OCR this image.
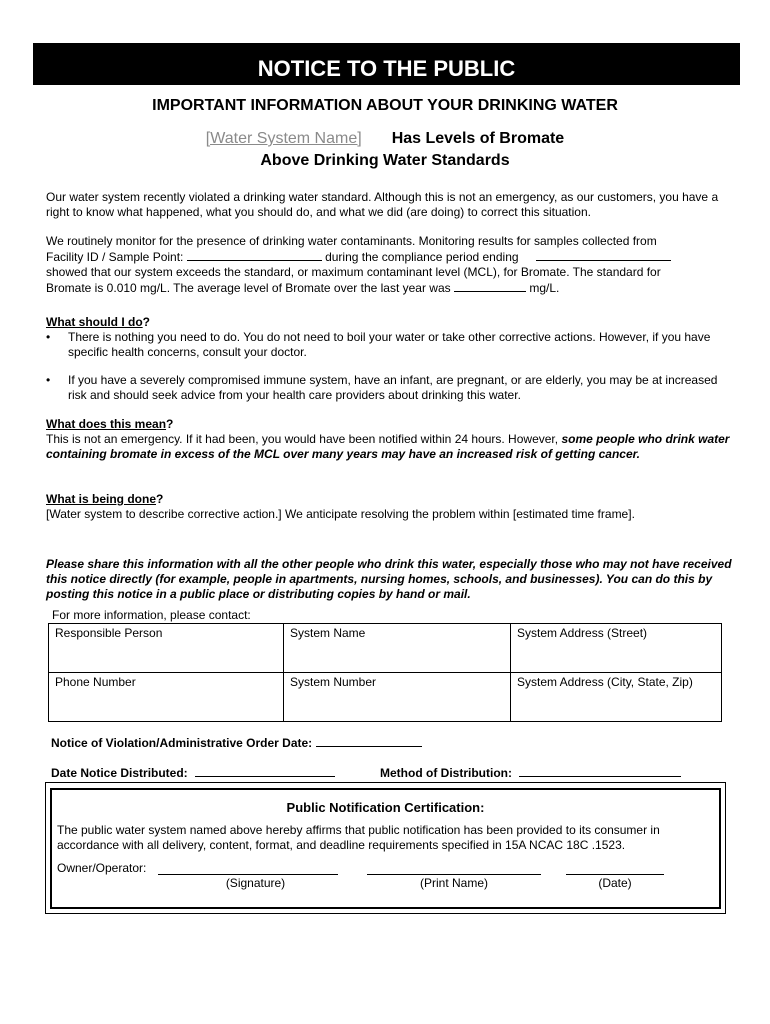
NOTICE TO THE PUBLIC
IMPORTANT INFORMATION ABOUT YOUR DRINKING WATER
[Water System Name] Has Levels of Bromate
Above Drinking Water Standards

Our water system recently violated a drinking water standard. Although this is not an emergency, as our customers, you have a right to know what happened, what you should do, and what we did (are doing) to correct this situation.

We routinely monitor for the presence of drinking water contaminants. Monitoring results for samples collected from
Facility ID / Sample Point:	during the compliance period ending
showed that our system exceeds the standard, or maximum contaminant level (MCL), for Bromate. The standard for
Bromate is 0.010 mg/L. The average level of Bromate over the last year was	mg/L.
What should I do?
• There is nothing you need to do. You do not need to boil your water or take other corrective actions. However, if you have specific health concerns, consult your doctor.
• If you have a severely compromised immune system, have an infant, are pregnant, or are elderly, you may be at increased risk and should seek advice from your health care providers about drinking this water.
What does this mean?

This is not an emergency. If it had been, you would have been notified within 24 hours. However, some people who drink water containing bromate in excess of the MCL over many years may have an increased risk of getting cancer.

What is being done?

[Water system to describe corrective action.] We anticipate resolving the problem within [estimated time frame].

Please share this information with all the other people who drink this water, especially those who may not have received this notice directly (for example, people in apartments, nursing homes, schools, and businesses). You can do this by posting this notice in a public place or distributing copies by hand or mail.

For more information, please contact:
Responsible Person	System Name	System Address (Street)
Phone Number	System Number	System Address (City, State, Zip)
Notice of Violation/Administrative Order Date:
Date Notice Distributed:	Method of Distribution:
Public Notification Certification:

The public water system named above hereby affirms that public notification has been provided to its consumer in accordance with all delivery, content, format, and deadline requirements specified in 15A NCAC 18C .1523.

Owner/Operator:
(Signature)	(Print Name)	(Date)
